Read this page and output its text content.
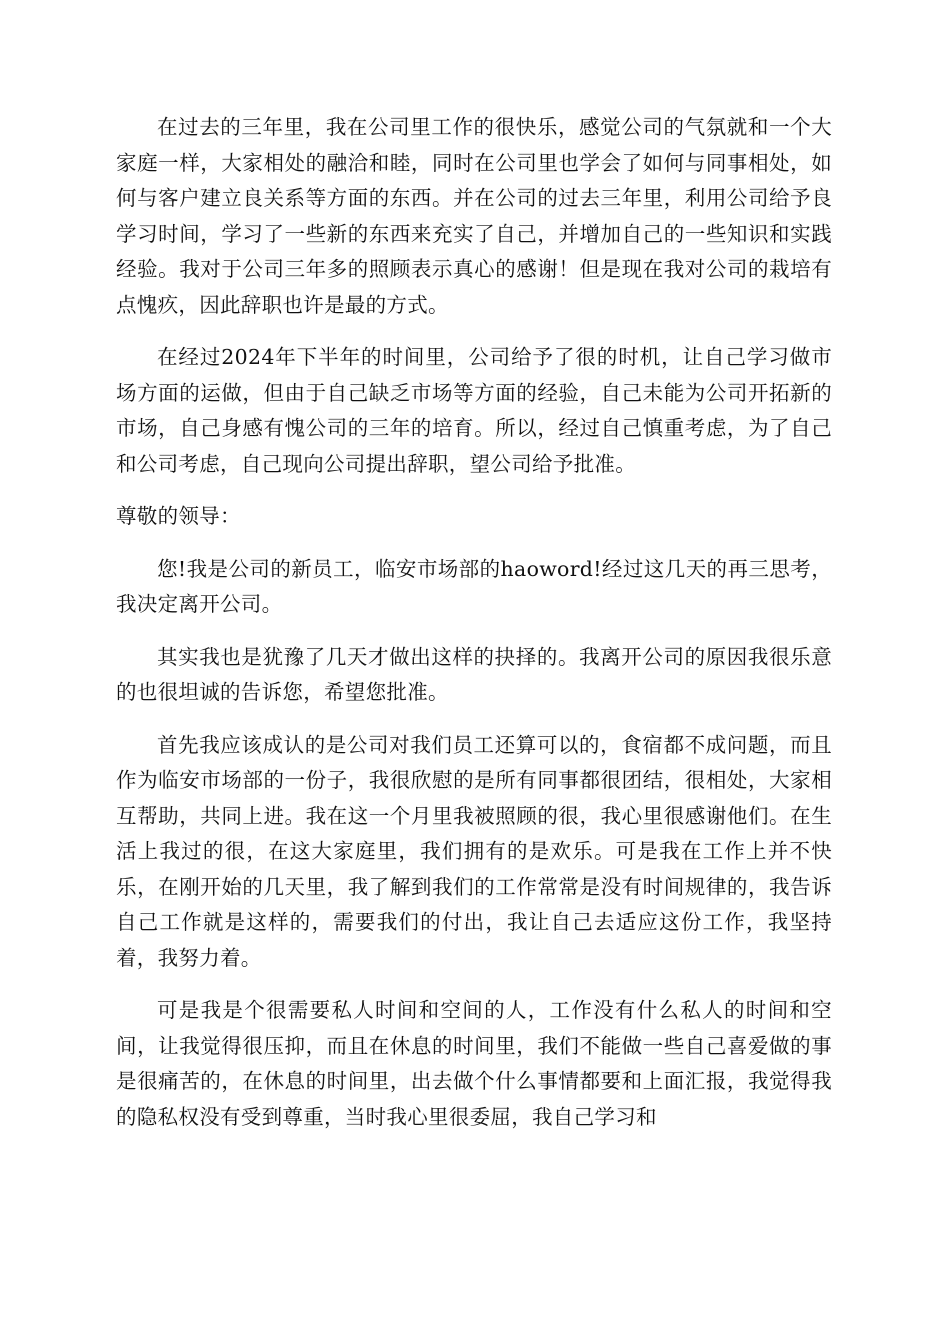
在过去的三年里，我在公司里工作的很快乐，感觉公司的气氛就和一个大家庭一样，大家相处的融洽和睦，同时在公司里也学会了如何与同事相处，如何与客户建立良关系等方面的东西。并在公司的过去三年里，利用公司给予良学习时间，学习了一些新的东西来充实了自己，并增加自己的一些知识和实践经验。我对于公司三年多的照顾表示真心的感谢！但是现在我对公司的栽培有点愧疚，因此辞职也许是最的方式。

在经过2024年下半年的时间里，公司给予了很的时机，让自己学习做市场方面的运做，但由于自己缺乏市场等方面的经验，自己未能为公司开拓新的市场，自己身感有愧公司的三年的培育。所以，经过自己慎重考虑，为了自己和公司考虑，自己现向公司提出辞职，望公司给予批准。

尊敬的领导：

您!我是公司的新员工，临安市场部的haoword!经过这几天的再三思考，我决定离开公司。

其实我也是犹豫了几天才做出这样的抉择的。我离开公司的原因我很乐意的也很坦诚的告诉您，希望您批准。

首先我应该成认的是公司对我们员工还算可以的，食宿都不成问题，而且作为临安市场部的一份子，我很欣慰的是所有同事都很团结，很相处，大家相互帮助，共同上进。我在这一个月里我被照顾的很，我心里很感谢他们。在生活上我过的很，在这大家庭里，我们拥有的是欢乐。可是我在工作上并不快乐，在刚开始的几天里，我了解到我们的工作常常是没有时间规律的，我告诉自己工作就是这样的，需要我们的付出，我让自己去适应这份工作，我坚持着，我努力着。

可是我是个很需要私人时间和空间的人，工作没有什么私人的时间和空间，让我觉得很压抑，而且在休息的时间里，我们不能做一些自己喜爱做的事是很痛苦的，在休息的时间里，出去做个什么事情都要和上面汇报，我觉得我的隐私权没有受到尊重，当时我心里很委屈，我自己学习和
